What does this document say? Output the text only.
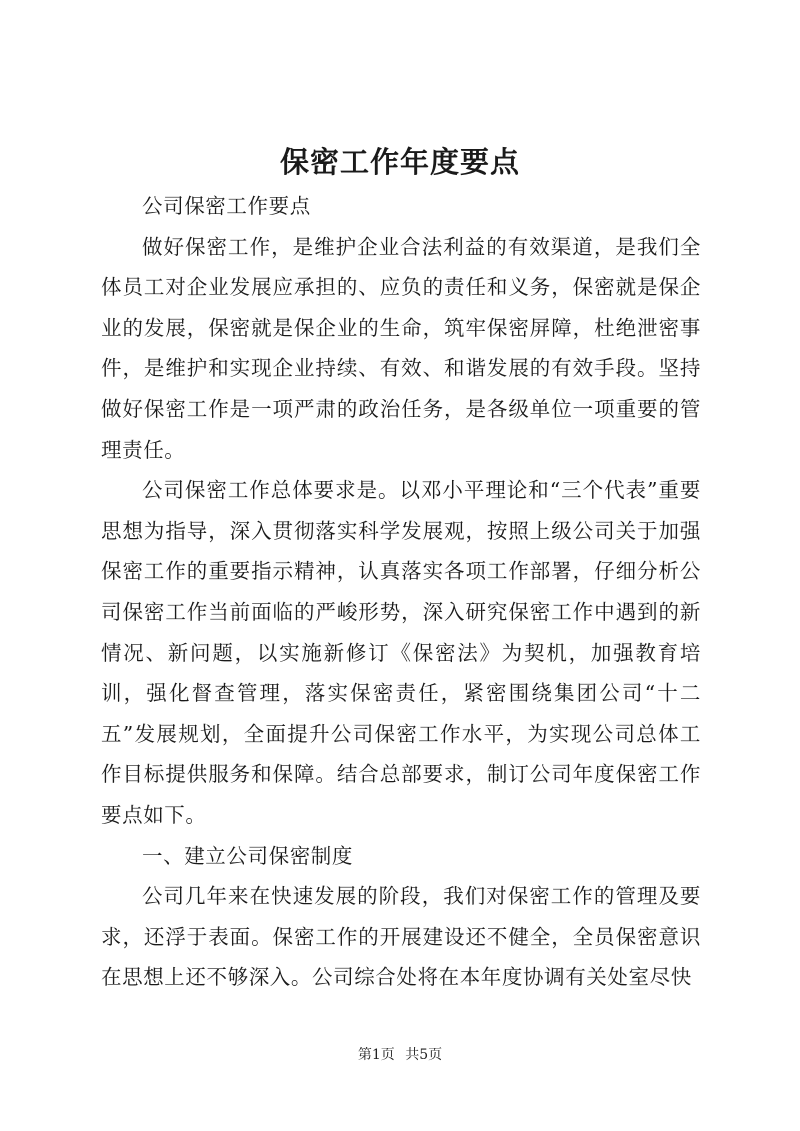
保密工作年度要点

公司保密工作要点

做好保密工作，是维护企业合法利益的有效渠道，是我们全体员工对企业发展应承担的、应负的责任和义务，保密就是保企业的发展，保密就是保企业的生命，筑牢保密屏障，杜绝泄密事件，是维护和实现企业持续、有效、和谐发展的有效手段。坚持做好保密工作是一项严肃的政治任务，是各级单位一项重要的管理责任。

公司保密工作总体要求是。以邓小平理论和“三个代表”重要思想为指导，深入贯彻落实科学发展观，按照上级公司关于加强保密工作的重要指示精神，认真落实各项工作部署，仔细分析公司保密工作当前面临的严峻形势，深入研究保密工作中遇到的新情况、新问题，以实施新修订《保密法》为契机，加强教育培训，强化督查管理，落实保密责任，紧密围绕集团公司“十二五”发展规划，全面提升公司保密工作水平，为实现公司总体工作目标提供服务和保障。结合总部要求，制订公司年度保密工作要点如下。

一、建立公司保密制度

公司几年来在快速发展的阶段，我们对保密工作的管理及要求，还浮于表面。保密工作的开展建设还不健全，全员保密意识在思想上还不够深入。公司综合处将在本年度协调有关处室尽快

第1页 共5页
